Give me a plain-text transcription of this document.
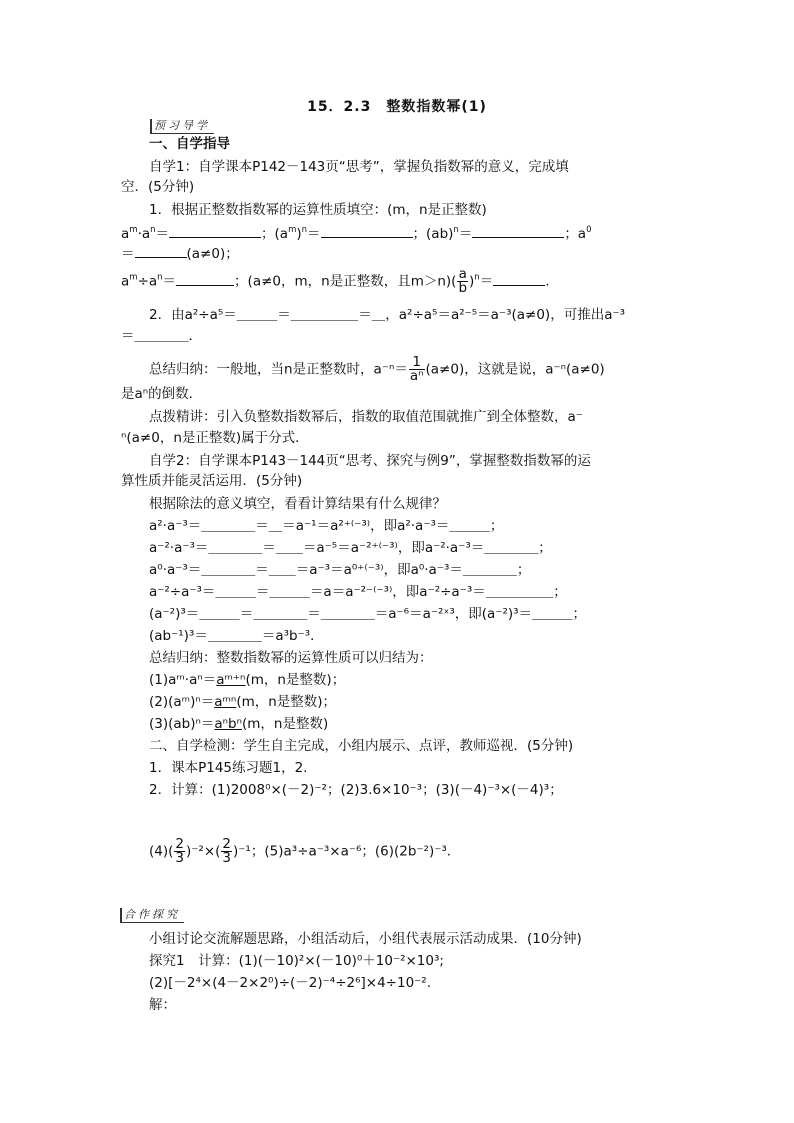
15．2.3　整数指数幂(1)
预习导学
一、自学指导
自学1：自学课本P142－143页“思考”，掌握负指数幂的意义，完成填
空．(5分钟)
1．根据正整数指数幂的运算性质填空：(m，n是正整数)
$a^m\cdot a^n=$	；$(a^m)^n=$	；(ab)$^n$＝	；$a^0$
＝	(a≠0)；
$a^m\div a^n=$	；(a≠0，m，n是正整数，且$m>n)( \frac{a}{b} )^n=$	.
2．由a²÷a⁵＝＿＿＿＝＿＿＿＿＿＝＿，a²÷a⁵＝a²⁻⁵＝a⁻³(a≠0)，可推出a⁻³
＝＿＿＿＿．
总结归纳：一般地，当n是正整数时，$a^{-n}= \frac{1}{\text{aⁿ}} (a\ne 0)$，这就是说，a⁻ⁿ(a≠0)
是aⁿ的倒数．
点拨精讲：引入负整数指数幂后，指数的取值范围就推广到全体整数，a⁻
ⁿ(a≠0，n是正整数)属于分式．
自学2：自学课本P143－144页“思考、探究与例9”，掌握整数指数幂的运
算性质并能灵活运用．(5分钟)
根据除法的意义填空，看看计算结果有什么规律？
a²·a⁻³＝＿＿＿＿＝＿＝a⁻¹＝a²⁺⁽⁻³⁾，即a²·a⁻³＝＿＿＿；
a⁻²·a⁻³＝＿＿＿＿＝＿＿＝a⁻⁵＝a⁻²⁺⁽⁻³⁾，即a⁻²·a⁻³＝＿＿＿＿；
a⁰·a⁻³＝＿＿＿＿＝＿＿＝a⁻³＝a⁰⁺⁽⁻³⁾，即a⁰·a⁻³＝＿＿＿＿；
a⁻²÷a⁻³＝＿＿＿＝＿＿＿＝a＝a⁻²⁻⁽⁻³⁾，即a⁻²÷a⁻³＝＿＿＿＿＿；
(a⁻²)³＝＿＿＿＝＿＿＿＿＝＿＿＿＿＝a⁻⁶＝a⁻²ˣ³，即(a⁻²)³＝＿＿＿；
(ab⁻¹)³＝＿＿＿＿＝a³b⁻³．
总结归纳：整数指数幂的运算性质可以归结为：
(1)aᵐ·aⁿ＝aᵐ⁺ⁿ(m，n是整数)；
(2)(aᵐ)ⁿ＝aᵐⁿ(m，n是整数)；
(3)(ab)ⁿ＝aⁿbⁿ(m，n是整数)
二、自学检测：学生自主完成，小组内展示、点评，教师巡视．(5分钟)
1．课本P145练习题1，2.
2．计算：(1)2008⁰×(－2)⁻²；(2)3.6×10⁻³；(3)(－4)⁻³×(－4)³；
$(4)( \frac{2}{3} )^{-2}\times( \frac{2}{3} )^{-1}$；(5)a³÷a⁻³×a⁻⁶；(6)(2b⁻²)⁻³.
合作探究
小组讨论交流解题思路，小组活动后，小组代表展示活动成果．(10分钟)
探究1　计算：(1)(－10)²×(－10)⁰＋10⁻²×10³;
(2)[－2⁴×(4－2×2⁰)÷(－2)⁻⁴÷2⁶]×4÷10⁻².
解：
